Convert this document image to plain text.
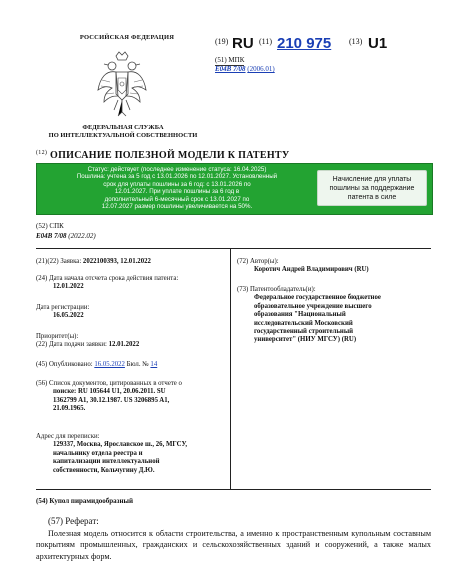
РОССИЙСКАЯ ФЕДЕРАЦИЯ
ФЕДЕРАЛЬНАЯ СЛУЖБА
ПО ИНТЕЛЛЕКТУАЛЬНОЙ СОБСТВЕННОСТИ
(19) RU (11) 210 975 (13) U1
(51) МПК
E04B 7/08 (2006.01)
$^{(12)}$ ОПИСАНИЕ ПОЛЕЗНОЙ МОДЕЛИ К ПАТЕНТУ
Статус: действует (последнее изменение статуса: 16.04.2025)
Пошлина: учтена за 5 год с 13.01.2026 по 12.01.2027. Установленный
срок для уплаты пошлины за 6 год: с 13.01.2026 по
12.01.2027. При уплате пошлины за 6 год в
дополнительный 6-месячный срок с 13.01.2027 по
12.07.2027 размер пошлины увеличивается на 50%.
Начисление для уплаты пошлины за поддержание патента в силе
(52) СПК
E04B 7/08 (2022.02)
(21)(22) Заявка: 2022100393, 12.01.2022
(24) Дата начала отсчета срока действия патента:
12.01.2022
Дата регистрации:
16.05.2022
Приоритет(ы):
(22) Дата подачи заявки: 12.01.2022
(45) Опубликовано: 16.05.2022 Бюл. № 14
(56) Список документов, цитированных в отчете о
поиске: RU 105644 U1, 20.06.2011. SU
1362799 A1, 30.12.1987. US 3206895 A1,
21.09.1965.
Адрес для переписки:
129337, Москва, Ярославское ш., 26, МГСУ,
начальнику отдела реестра и
капитализации интеллектуальной
собственности, Кольчугину Д.Ю.
(72) Автор(ы):
Коротич Андрей Владимирович (RU)
(73) Патентообладатель(и):
Федеральное государственное бюджетное
образовательное учреждение высшего
образования "Национальный
исследовательский Московский
государственный строительный
университет" (НИУ МГСУ) (RU)
(54) Купол пирамидообразный
(57) Реферат:
Полезная модель относится к области строительства, а именно к пространственным купольным составным покрытиям промышленных, гражданских и сельскохозяйственных зданий и сооружений, а также малых архитектурных форм.
